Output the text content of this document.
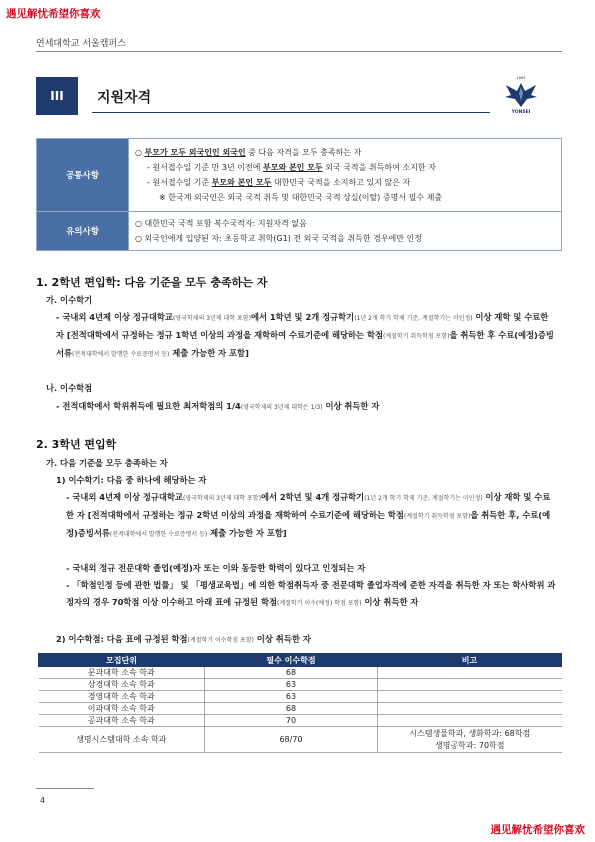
遇见解忧希望你喜欢
연세대학교 서울캠퍼스
III 지원자격
1885
YONSEI
공통사항	○ 부모가 모두 외국인인 외국인 중 다음 자격을 모두 충족하는 자
- 원서접수일 기준 만 3년 이전에 부모와 본인 모두 외국 국적을 취득하여 소지한 자
- 원서접수일 기준 부모와 본인 모두 대한민국 국적을 소지하고 있지 않은 자
※ 한국계 외국인은 외국 국적 취득 및 대한민국 국적 상실(이탈) 증명서 필수 제출

유의사항	○ 대한민국 국적 포함 복수국적자: 지원자격 없음
○ 외국인에게 입양된 자: 초등학교 취학(G1) 전 외국 국적을 취득한 경우에만 인정
1. 2학년 편입학: 다음 기준을 모두 충족하는 자
가. 이수학기
- 국내외 4년제 이상 정규대학교(영국학제의 3년제 대학 포함)에서 1학년 및 2개 정규학기(1년 2개 학기 학제 기준, 계절학기는 미인정) 이상 재학 및 수료한 자 [전적대학에서 규정하는 정규 1학년 이상의 과정을 재학하여 수료기준에 해당하는 학점(계절학기 취득학점 포함)을 취득한 후 수료(예정)증빙서류(전적대학에서 발행한 수료증명서 등) 제출 가능한 자 포함]
나. 이수학점
- 전적대학에서 학위취득에 필요한 최저학점의 1/4(영국학제의 3년제 대학은 1/3) 이상 취득한 자
2. 3학년 편입학
가. 다음 기준을 모두 충족하는 자
1) 이수학기: 다음 중 하나에 해당하는 자
- 국내외 4년제 이상 정규대학교(영국학제의 3년제 대학 포함)에서 2학년 및 4개 정규학기(1년 2개 학기 학제 기준, 계절학기는 미인정) 이상 재학 및 수료한 자 [전적대학에서 규정하는 정규 2학년 이상의 과정을 재학하여 수료기준에 해당하는 학점(계절학기 취득학점 포함)을 취득한 후, 수료(예정)증빙서류(전적대학에서 발행한 수료증명서 등) 제출 가능한 자 포함]
- 국내외 정규 전문대학 졸업(예정)자 또는 이와 동등한 학력이 있다고 인정되는 자
- 「학점인정 등에 관한 법률」 및 「평생교육법」에 의한 학점취득자 중 전문대학 졸업자격에 준한 자격을 취득한 자 또는 학사학위 과정자의 경우 70학점 이상 이수하고 아래 표에 규정된 학점(계절학기 이수(예정) 학점 포함) 이상 취득한 자
2) 이수학점: 다음 표에 규정된 학점(계절학기 이수학점 포함) 이상 취득한 자
모집단위	필수 이수학점	비고
문과대학 소속 학과	68	
상경대학 소속 학과	63	
경영대학 소속 학과	63	
이과대학 소속 학과	68	
공과대학 소속 학과	70	
생명시스템대학 소속 학과	68/70	시스템생물학과, 생화학과: 68학점
생명공학과: 70학점
4
遇见解忧希望你喜欢
